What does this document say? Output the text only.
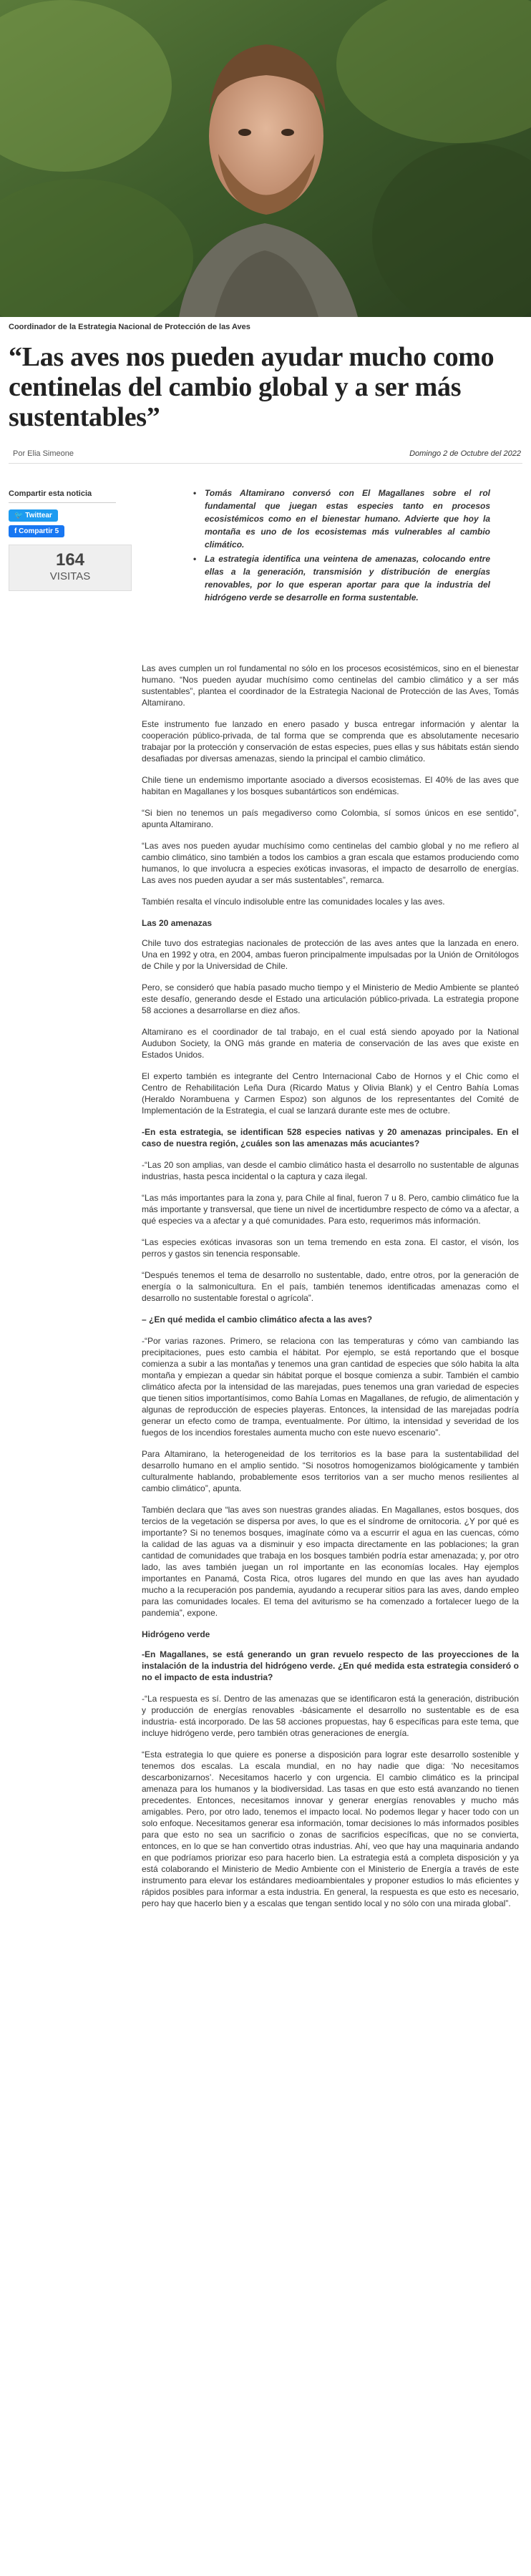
Coordinador de la Estrategia Nacional de Protección de las Aves
“Las aves nos pueden ayudar mucho como centinelas del cambio global y a ser más sustentables”
Por Elia Simeone	Domingo 2 de Octubre del 2022
Compartir esta noticia
🐦 Twittear
f Compartir 5
164
VISITAS
• Tomás Altamirano conversó con El Magallanes sobre el rol fundamental que juegan estas especies tanto en procesos ecosistémicos como en el bienestar humano. Advierte que hoy la montaña es uno de los ecosistemas más vulnerables al cambio climático.
• La estrategia identifica una veintena de amenazas, colocando entre ellas a la generación, transmisión y distribución de energías renovables, por lo que esperan aportar para que la industria del hidrógeno verde se desarrolle en forma sustentable.

Las aves cumplen un rol fundamental no sólo en los procesos ecosistémicos, sino en el bienestar humano. “Nos pueden ayudar muchísimo como centinelas del cambio climático y a ser más sustentables”, plantea el coordinador de la Estrategia Nacional de Protección de las Aves, Tomás Altamirano.

Este instrumento fue lanzado en enero pasado y busca entregar información y alentar la cooperación público-privada, de tal forma que se comprenda que es absolutamente necesario trabajar por la protección y conservación de estas especies, pues ellas y sus hábitats están siendo desafiadas por diversas amenazas, siendo la principal el cambio climático.

Chile tiene un endemismo importante asociado a diversos ecosistemas. El 40% de las aves que habitan en Magallanes y los bosques subantárticos son endémicas.

“Si bien no tenemos un país megadiverso como Colombia, sí somos únicos en ese sentido”, apunta Altamirano.

“Las aves nos pueden ayudar muchísimo como centinelas del cambio global y no me refiero al cambio climático, sino también a todos los cambios a gran escala que estamos produciendo como humanos, lo que involucra a especies exóticas invasoras, el impacto de desarrollo de energías. Las aves nos pueden ayudar a ser más sustentables”, remarca.

También resalta el vínculo indisoluble entre las comunidades locales y las aves.

Las 20 amenazas

Chile tuvo dos estrategias nacionales de protección de las aves antes que la lanzada en enero. Una en 1992 y otra, en 2004, ambas fueron principalmente impulsadas por la Unión de Ornitólogos de Chile y por la Universidad de Chile.

Pero, se consideró que había pasado mucho tiempo y el Ministerio de Medio Ambiente se planteó este desafío, generando desde el Estado una articulación público-privada. La estrategia propone 58 acciones a desarrollarse en diez años.

Altamirano es el coordinador de tal trabajo, en el cual está siendo apoyado por la National Audubon Society, la ONG más grande en materia de conservación de las aves que existe en Estados Unidos.

El experto también es integrante del Centro Internacional Cabo de Hornos y el Chic como el Centro de Rehabilitación Leña Dura (Ricardo Matus y Olivia Blank) y el Centro Bahía Lomas (Heraldo Norambuena y Carmen Espoz) son algunos de los representantes del Comité de Implementación de la Estrategia, el cual se lanzará durante este mes de octubre.

-En esta estrategia, se identifican 528 especies nativas y 20 amenazas principales. En el caso de nuestra región, ¿cuáles son las amenazas más acuciantes?

-“Las 20 son amplias, van desde el cambio climático hasta el desarrollo no sustentable de algunas industrias, hasta pesca incidental o la captura y caza ilegal.

“Las más importantes para la zona y, para Chile al final, fueron 7 u 8. Pero, cambio climático fue la más importante y transversal, que tiene un nivel de incertidumbre respecto de cómo va a afectar, a qué especies va a afectar y a qué comunidades. Para esto, requerimos más información.

“Las especies exóticas invasoras son un tema tremendo en esta zona. El castor, el visón, los perros y gastos sin tenencia responsable.

“Después tenemos el tema de desarrollo no sustentable, dado, entre otros, por la generación de energía o la salmonicultura. En el país, también tenemos identificadas amenazas como el desarrollo no sustentable forestal o agrícola”.

– ¿En qué medida el cambio climático afecta a las aves?

-“Por varias razones. Primero, se relaciona con las temperaturas y cómo van cambiando las precipitaciones, pues esto cambia el hábitat. Por ejemplo, se está reportando que el bosque comienza a subir a las montañas y tenemos una gran cantidad de especies que sólo habita la alta montaña y empiezan a quedar sin hábitat porque el bosque comienza a subir. También el cambio climático afecta por la intensidad de las marejadas, pues tenemos una gran variedad de especies que tienen sitios importantísimos, como Bahía Lomas en Magallanes, de refugio, de alimentación y algunas de reproducción de especies playeras. Entonces, la intensidad de las marejadas podría generar un efecto como de trampa, eventualmente. Por último, la intensidad y severidad de los fuegos de los incendios forestales aumenta mucho con este nuevo escenario”.

Para Altamirano, la heterogeneidad de los territorios es la base para la sustentabilidad del desarrollo humano en el amplio sentido. “Si nosotros homogenizamos biológicamente y también culturalmente hablando, probablemente esos territorios van a ser mucho menos resilientes al cambio climático”, apunta.

También declara que “las aves son nuestras grandes aliadas. En Magallanes, estos bosques, dos tercios de la vegetación se dispersa por aves, lo que es el síndrome de ornitocoria. ¿Y por qué es importante? Si no tenemos bosques, imagínate cómo va a escurrir el agua en las cuencas, cómo la calidad de las aguas va a disminuir y eso impacta directamente en las poblaciones; la gran cantidad de comunidades que trabaja en los bosques también podría estar amenazada; y, por otro lado, las aves también juegan un rol importante en las economías locales. Hay ejemplos importantes en Panamá, Costa Rica, otros lugares del mundo en que las aves han ayudado mucho a la recuperación pos pandemia, ayudando a recuperar sitios para las aves, dando empleo para las comunidades locales. El tema del aviturismo se ha comenzado a fortalecer luego de la pandemia”, expone.

Hidrógeno verde

-En Magallanes, se está generando un gran revuelo respecto de las proyecciones de la instalación de la industria del hidrógeno verde. ¿En qué medida esta estrategia consideró o no el impacto de esta industria?

-“La respuesta es sí. Dentro de las amenazas que se identificaron está la generación, distribución y producción de energías renovables -básicamente el desarrollo no sustentable es de esa industria- está incorporado. De las 58 acciones propuestas, hay 6 específicas para este tema, que incluye hidrógeno verde, pero también otras generaciones de energía.

“Esta estrategia lo que quiere es ponerse a disposición para lograr este desarrollo sostenible y tenemos dos escalas. La escala mundial, en no hay nadie que diga: ‘No necesitamos descarbonizarnos’. Necesitamos hacerlo y con urgencia. El cambio climático es la principal amenaza para los humanos y la biodiversidad. Las tasas en que esto está avanzando no tienen precedentes. Entonces, necesitamos innovar y generar energías renovables y mucho más amigables. Pero, por otro lado, tenemos el impacto local. No podemos llegar y hacer todo con un solo enfoque. Necesitamos generar esa información, tomar decisiones lo más informados posibles para que esto no sea un sacrificio o zonas de sacrificios específicas, que no se convierta, entonces, en lo que se han convertido otras industrias. Ahí, veo que hay una maquinaria andando en que podríamos priorizar eso para hacerlo bien. La estrategia está a completa disposición y ya está colaborando el Ministerio de Medio Ambiente con el Ministerio de Energía a través de este instrumento para elevar los estándares medioambientales y proponer estudios lo más eficientes y rápidos posibles para informar a esta industria. En general, la respuesta es que esto es necesario, pero hay que hacerlo bien y a escalas que tengan sentido local y no sólo con una mirada global”.
